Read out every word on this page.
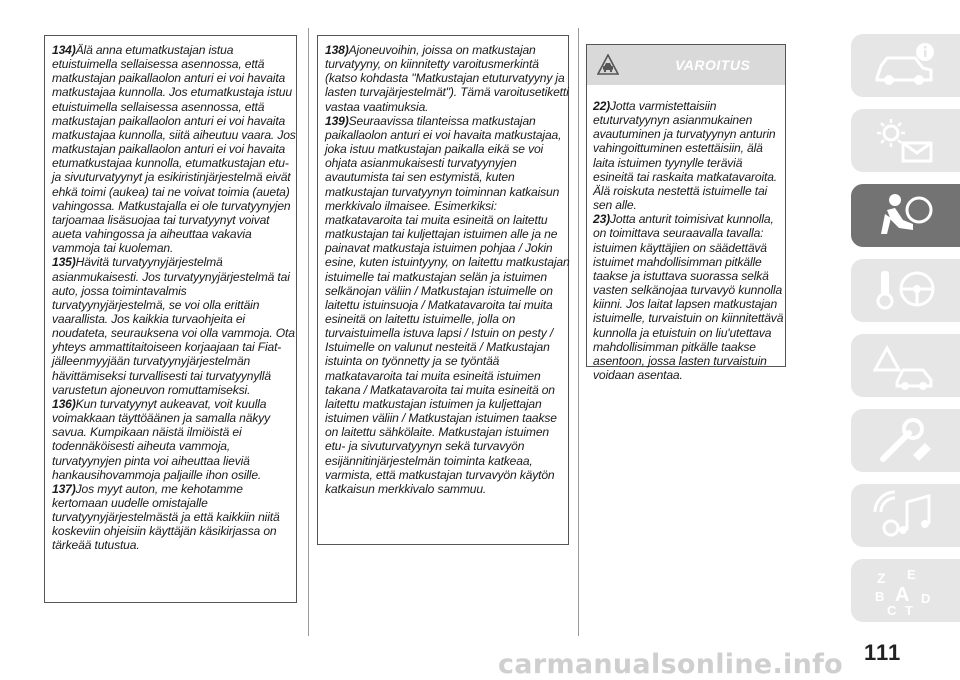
134)Älä anna etumatkustajan istua etuistuimella sellaisessa asennossa, että matkustajan paikallaolon anturi ei voi havaita matkustajaa kunnolla. Jos etumatkustaja istuu etuistuimella sellaisessa asennossa, että matkustajan paikallaolon anturi ei voi havaita matkustajaa kunnolla, siitä aiheutuu vaara. Jos matkustajan paikallaolon anturi ei voi havaita etumatkustajaa kunnolla, etumatkustajan etu- ja sivuturvatyynyt ja esikiristinjärjestelmä eivät ehkä toimi (aukea) tai ne voivat toimia (aueta) vahingossa. Matkustajalla ei ole turvatyynyjen tarjoamaa lisäsuojaa tai turvatyynyt voivat aueta vahingossa ja aiheuttaa vakavia vammoja tai kuoleman.

135)Hävitä turvatyynyjärjestelmä asianmukaisesti. Jos turvatyynyjärjestelmä tai auto, jossa toimintavalmis turvatyynyjärjestelmä, se voi olla erittäin vaarallista. Jos kaikkia turvaohjeita ei noudateta, seurauksena voi olla vammoja. Ota yhteys ammattitaitoiseen korjaajaan tai Fiat-jälleenmyyjään turvatyynyjärjestelmän hävittämiseksi turvallisesti tai turvatyynyllä varustetun ajoneuvon romuttamiseksi.

136)Kun turvatyynyt aukeavat, voit kuulla voimakkaan täyttöäänen ja samalla näkyy savua. Kumpikaan näistä ilmiöistä ei todennäköisesti aiheuta vammoja, turvatyynyjen pinta voi aiheuttaa lieviä hankausihovammoja paljaille ihon osille.

137)Jos myyt auton, me kehotamme kertomaan uudelle omistajalle turvatyynyjärjestelmästä ja että kaikkiin niitä koskeviin ohjeisiin käyttäjän käsikirjassa on tärkeää tutustua.

138)Ajoneuvoihin, joissa on matkustajan turvatyyny, on kiinnitetty varoitusmerkintä (katso kohdasta "Matkustajan etuturvatyyny ja lasten turvajärjestelmät"). Tämä varoitusetiketti vastaa vaatimuksia.

139)Seuraavissa tilanteissa matkustajan paikallaolon anturi ei voi havaita matkustajaa, joka istuu matkustajan paikalla eikä se voi ohjata asianmukaisesti turvatyynyjen avautumista tai sen estymistä, kuten matkustajan turvatyynyn toiminnan katkaisun merkkivalo ilmaisee. Esimerkiksi: matkatavaroita tai muita esineitä on laitettu matkustajan tai kuljettajan istuimen alle ja ne painavat matkustaja istuimen pohjaa / Jokin esine, kuten istuintyyny, on laitettu matkustajan istuimelle tai matkustajan selän ja istuimen selkänojan väliin / Matkustajan istuimelle on laitettu istuinsuoja / Matkatavaroita tai muita esineitä on laitettu istuimelle, jolla on turvaistuimella istuva lapsi / Istuin on pesty / Istuimelle on valunut nesteitä / Matkustajan istuinta on työnnetty ja se työntää matkatavaroita tai muita esineitä istuimen takana / Matkatavaroita tai muita esineitä on laitettu matkustajan istuimen ja kuljettajan istuimen väliin / Matkustajan istuimen taakse on laitettu sähkölaite. Matkustajan istuimen etu- ja sivuturvatyynyn sekä turvavyön esijännitinjärjestelmän toiminta katkeaa, varmista, että matkustajan turvavyön käytön katkaisun merkkivalo sammuu.

VAROITUS

22)Jotta varmistettaisiin etuturvatyynyn asianmukainen avautuminen ja turvatyynyn anturin vahingoittuminen estettäisiin, älä laita istuimen tyynylle teräviä esineitä tai raskaita matkatavaroita. Älä roiskuta nestettä istuimelle tai sen alle.

23)Jotta anturit toimisivat kunnolla, on toimittava seuraavalla tavalla: istuimen käyttäjien on säädettävä istuimet mahdollisimman pitkälle taakse ja istuttava suorassa selkä vasten selkänojaa turvavyö kunnolla kiinni. Jos laitat lapsen matkustajan istuimelle, turvaistuin on kiinnitettävä kunnolla ja etuistuin on liu'utettava mahdollisimman pitkälle taakse asentoon, jossa lasten turvaistuin voidaan asentaa.

Z E
B A D
C T
carmanualsonline.info 111
